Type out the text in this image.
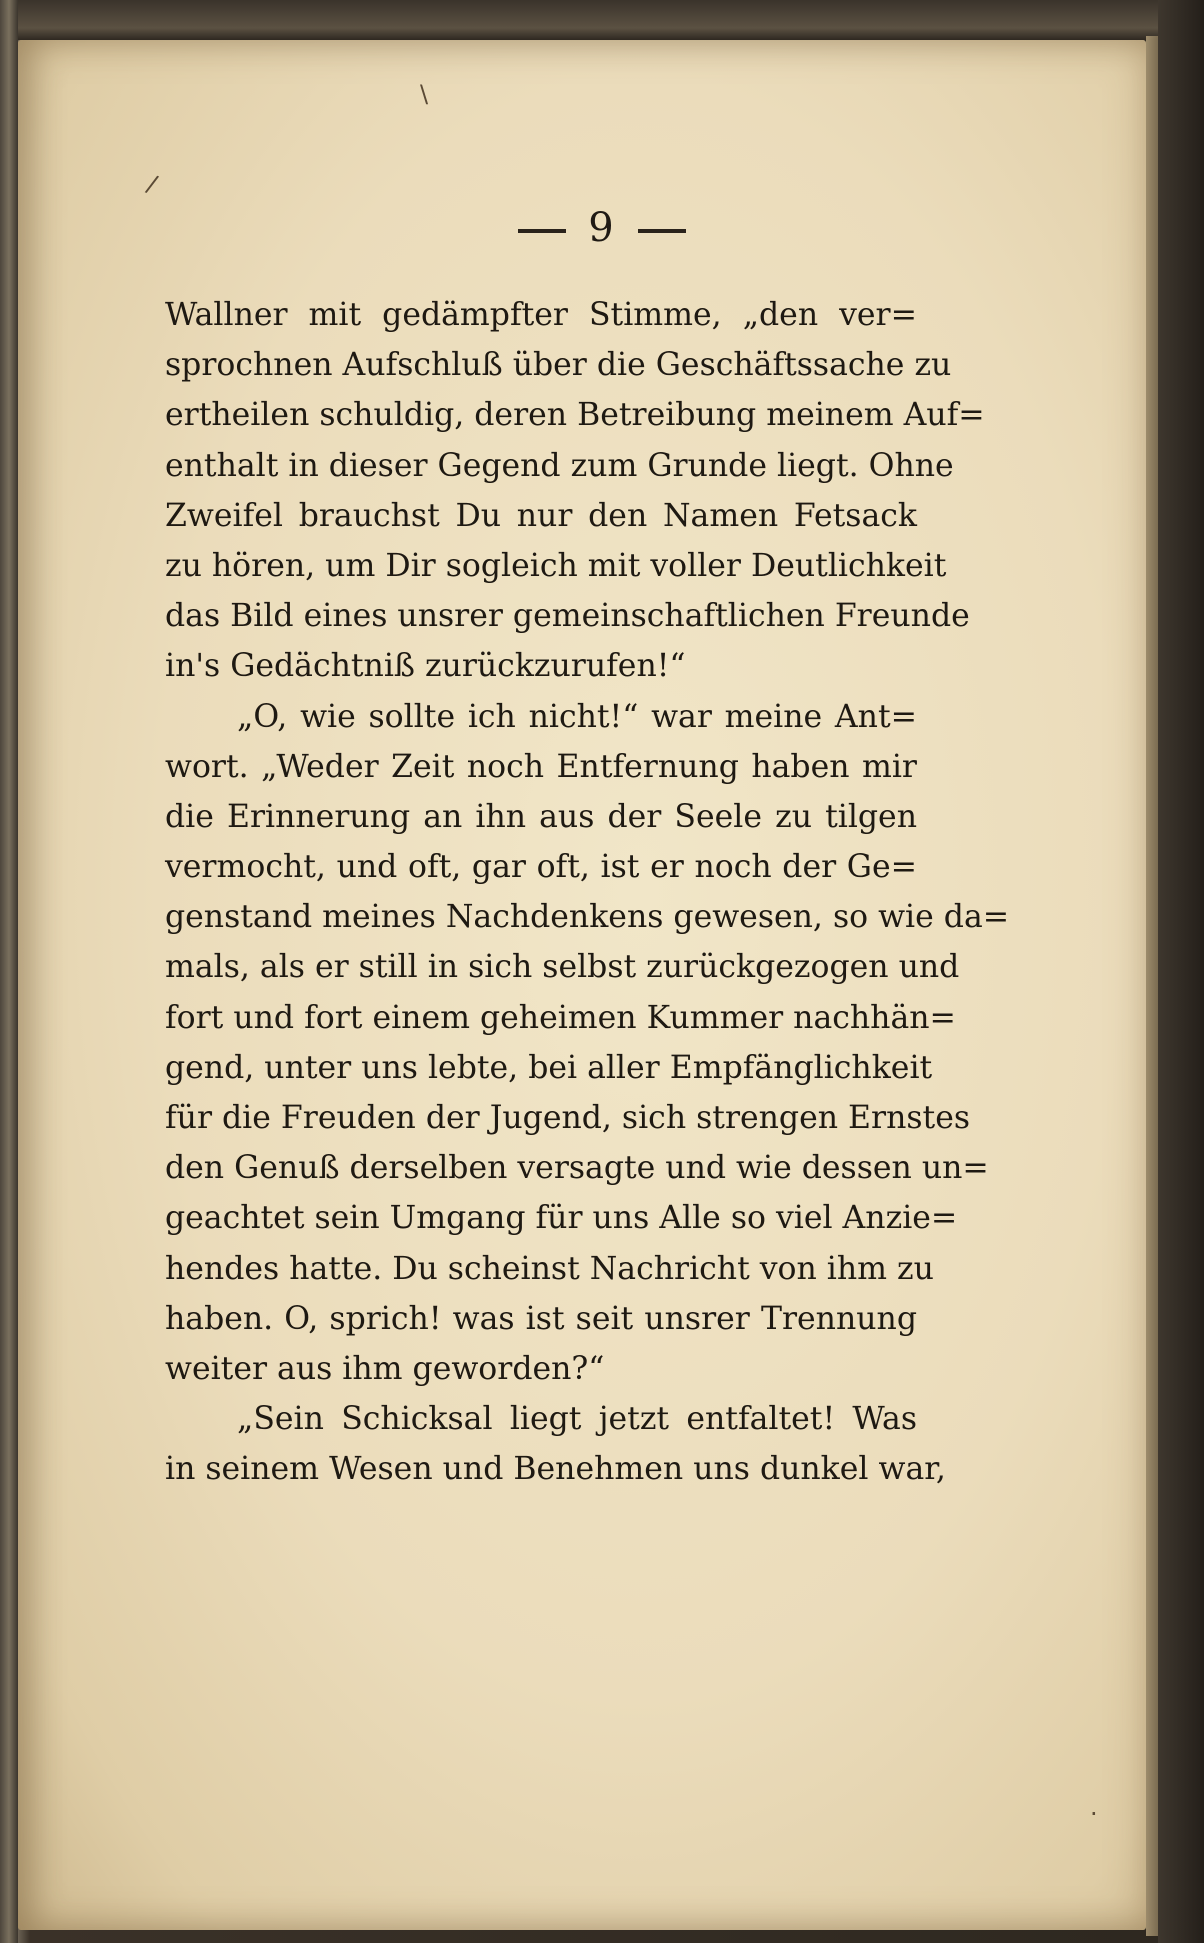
9
Wallner mit gedämpfter Stimme, „den ver=
sprochnen Aufschluß über die Geschäftssache zu
ertheilen schuldig, deren Betreibung meinem Auf=
enthalt in dieser Gegend zum Grunde liegt. Ohne
Zweifel brauchst Du nur den Namen Fetsack
zu hören, um Dir sogleich mit voller Deutlichkeit
das Bild eines unsrer gemeinschaftlichen Freunde
in's Gedächtniß zurückzurufen!“
„O, wie sollte ich nicht!“ war meine Ant=
wort. „Weder Zeit noch Entfernung haben mir
die Erinnerung an ihn aus der Seele zu tilgen
vermocht, und oft, gar oft, ist er noch der Ge=
genstand meines Nachdenkens gewesen, so wie da=
mals, als er still in sich selbst zurückgezogen und
fort und fort einem geheimen Kummer nachhän=
gend, unter uns lebte, bei aller Empfänglichkeit
für die Freuden der Jugend, sich strengen Ernstes
den Genuß derselben versagte und wie dessen un=
geachtet sein Umgang für uns Alle so viel Anzie=
hendes hatte. Du scheinst Nachricht von ihm zu
haben. O, sprich! was ist seit unsrer Trennung
weiter aus ihm geworden?“
„Sein Schicksal liegt jetzt entfaltet! Was
in seinem Wesen und Benehmen uns dunkel war,
/
\
·
